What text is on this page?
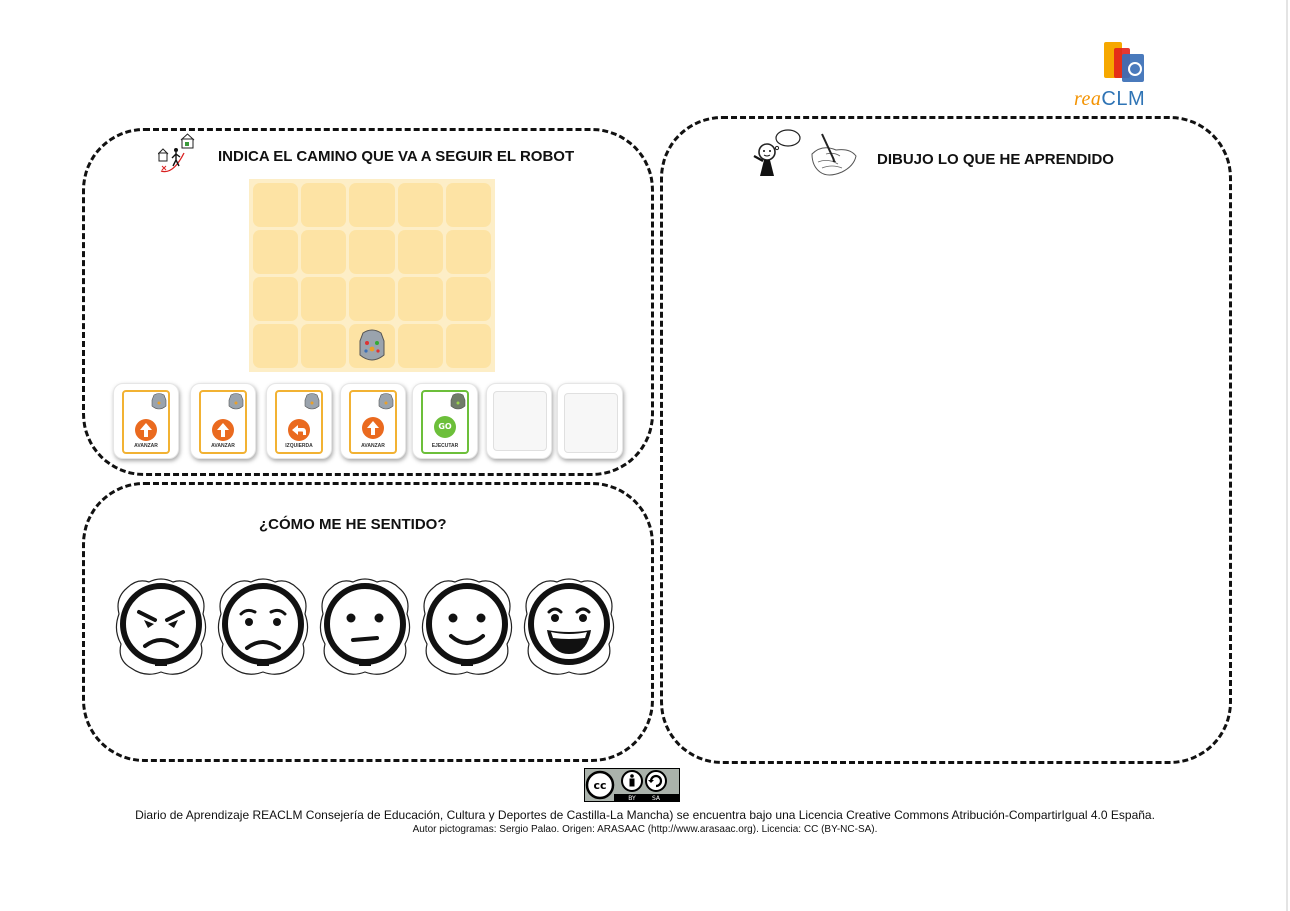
reaCLM
INDICA EL CAMINO QUE VA A SEGUIR EL ROBOT
AVANZAR	AVANZAR	IZQUIERDA	AVANZAR
GO
EJECUTAR
¿CÓMO ME HE SENTIDO?
DIBUJO LO QUE HE APRENDIDO
cc
BY	SA
Diario de Aprendizaje REACLM Consejería de Educación, Cultura y Deportes de Castilla-La Mancha) se encuentra bajo una Licencia Creative Commons Atribución-CompartirIgual 4.0 España.
Autor pictogramas: Sergio Palao. Origen: ARASAAC (http://www.arasaac.org). Licencia: CC (BY-NC-SA).
